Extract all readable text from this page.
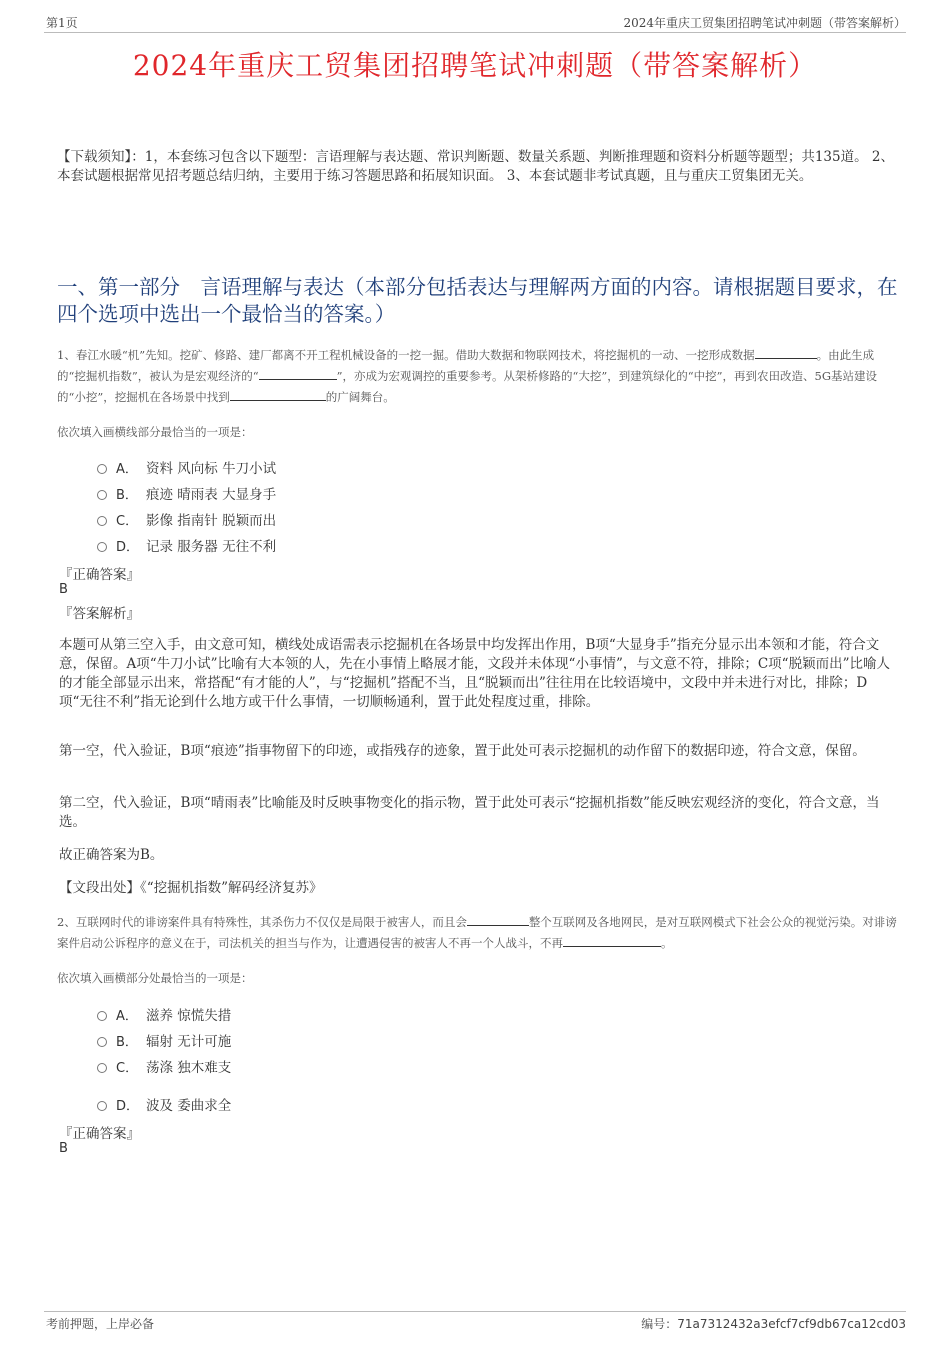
第1页	2024年重庆工贸集团招聘笔试冲刺题（带答案解析）
2024年重庆工贸集团招聘笔试冲刺题（带答案解析）
【下载须知】：1，本套练习包含以下题型：言语理解与表达题、常识判断题、数量关系题、判断推理题和资料分析题等题型；共135道。 2、本套试题根据常见招考题总结归纳，主要用于练习答题思路和拓展知识面。 3、本套试题非考试真题，且与重庆工贸集团无关。
一、第一部分　言语理解与表达（本部分包括表达与理解两方面的内容。请根据题目要求，在四个选项中选出一个最恰当的答案。）
1、春江水暖“机”先知。挖矿、修路、建厂都离不开工程机械设备的一挖一掘。借助大数据和物联网技术，将挖掘机的一动、一挖形成数据	。由此生成的“挖掘机指数”，被认为是宏观经济的“	”，亦成为宏观调控的重要参考。从架桥修路的“大挖”，到建筑绿化的“中挖”，再到农田改造、5G基站建设的“小挖”，挖掘机在各场景中找到	的广阔舞台。
依次填入画横线部分最恰当的一项是：
A． 资料 风向标 牛刀小试
B． 痕迹 晴雨表 大显身手
C． 影像 指南针 脱颖而出
D． 记录 服务器 无往不利
『正确答案』
B
『答案解析』
本题可从第三空入手，由文意可知，横线处成语需表示挖掘机在各场景中均发挥出作用，B项“大显身手”指充分显示出本领和才能，符合文意，保留。A项“牛刀小试”比喻有大本领的人，先在小事情上略展才能，文段并未体现“小事情”，与文意不符，排除；C项“脱颖而出”比喻人的才能全部显示出来，常搭配“有才能的人”，与“挖掘机”搭配不当，且“脱颖而出”往往用在比较语境中，文段中并未进行对比，排除；D项“无往不利”指无论到什么地方或干什么事情，一切顺畅通利，置于此处程度过重，排除。
第一空，代入验证，B项“痕迹”指事物留下的印迹，或指残存的迹象，置于此处可表示挖掘机的动作留下的数据印迹，符合文意，保留。
第二空，代入验证，B项“晴雨表”比喻能及时反映事物变化的指示物，置于此处可表示“挖掘机指数”能反映宏观经济的变化，符合文意，当选。
故正确答案为B。
【文段出处】《“挖掘机指数”解码经济复苏》
2、互联网时代的诽谤案件具有特殊性，其杀伤力不仅仅是局限于被害人，而且会	整个互联网及各地网民，是对互联网模式下社会公众的视觉污染。对诽谤案件启动公诉程序的意义在于，司法机关的担当与作为，让遭遇侵害的被害人不再一个人战斗，不再	。
依次填入画横部分处最恰当的一项是：
A． 滋养 惊慌失措
B． 辐射 无计可施
C． 荡涤 独木难支
D． 波及 委曲求全
『正确答案』
B
考前押题，上岸必备	编号：71a7312432a3efcf7cf9db67ca12cd03
